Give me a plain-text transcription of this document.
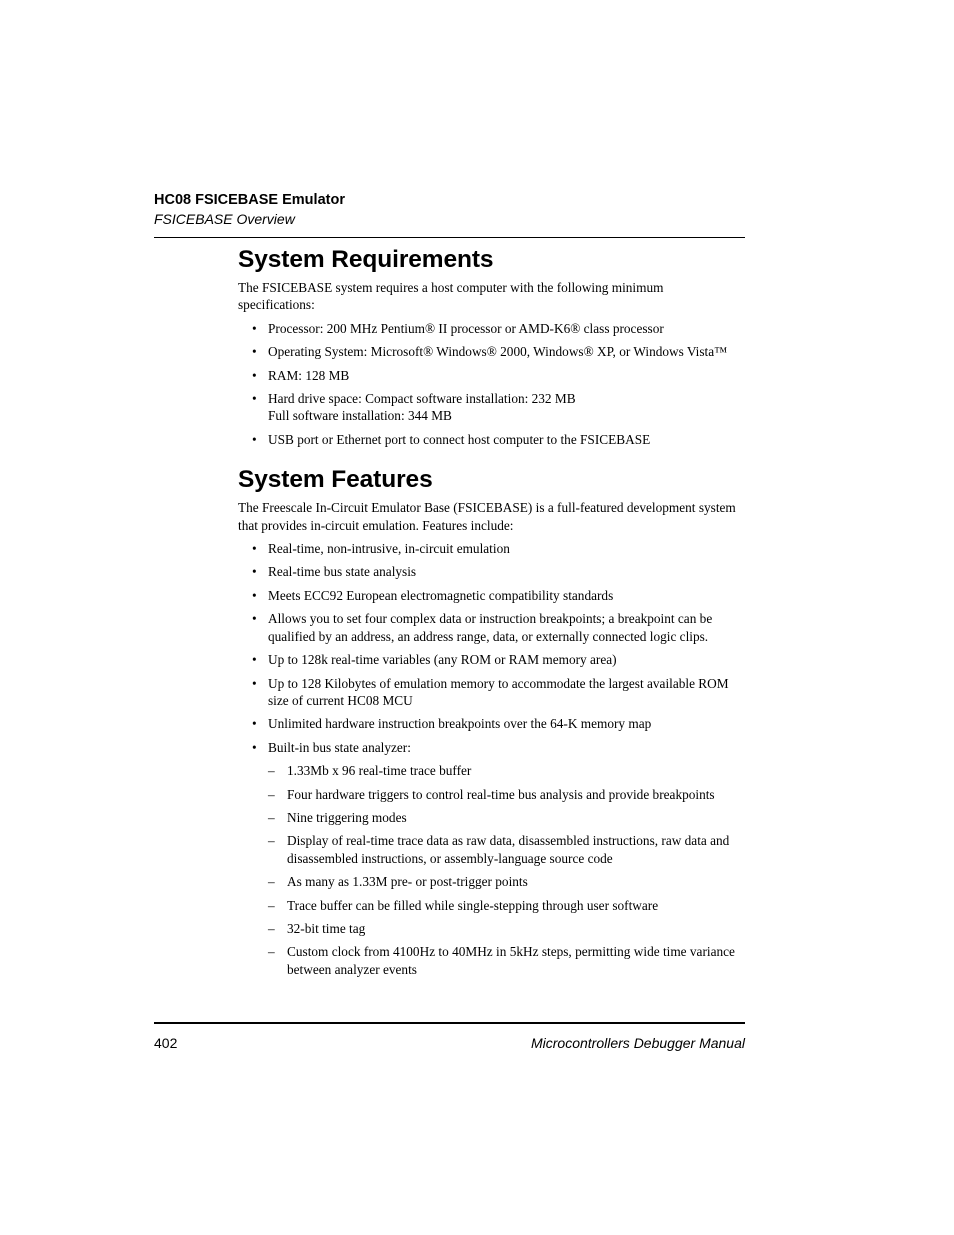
HC08 FSICEBASE Emulator
FSICEBASE Overview
System Requirements

The FSICEBASE system requires a host computer with the following minimum specifications:

• Processor: 200 MHz Pentium® II processor or AMD-K6® class processor
• Operating System: Microsoft® Windows® 2000, Windows® XP, or Windows Vista™
• RAM: 128 MB
• Hard drive space: Compact software installation: 232 MB
Full software installation: 344 MB
• USB port or Ethernet port to connect host computer to the FSICEBASE
System Features

The Freescale In-Circuit Emulator Base (FSICEBASE) is a full-featured development system that provides in-circuit emulation. Features include:

• Real-time, non-intrusive, in-circuit emulation
• Real-time bus state analysis
• Meets ECC92 European electromagnetic compatibility standards
• Allows you to set four complex data or instruction breakpoints; a breakpoint can be qualified by an address, an address range, data, or externally connected logic clips.
• Up to 128k real-time variables (any ROM or RAM memory area)
• Up to 128 Kilobytes of emulation memory to accommodate the largest available ROM size of current HC08 MCU
• Unlimited hardware instruction breakpoints over the 64-K memory map
• Built-in bus state analyzer:
– 1.33Mb x 96 real-time trace buffer
– Four hardware triggers to control real-time bus analysis and provide breakpoints
– Nine triggering modes
– Display of real-time trace data as raw data, disassembled instructions, raw data and disassembled instructions, or assembly-language source code
– As many as 1.33M pre- or post-trigger points
– Trace buffer can be filled while single-stepping through user software
– 32-bit time tag
– Custom clock from 4100Hz to 40MHz in 5kHz steps, permitting wide time variance between analyzer events
402	Microcontrollers Debugger Manual
